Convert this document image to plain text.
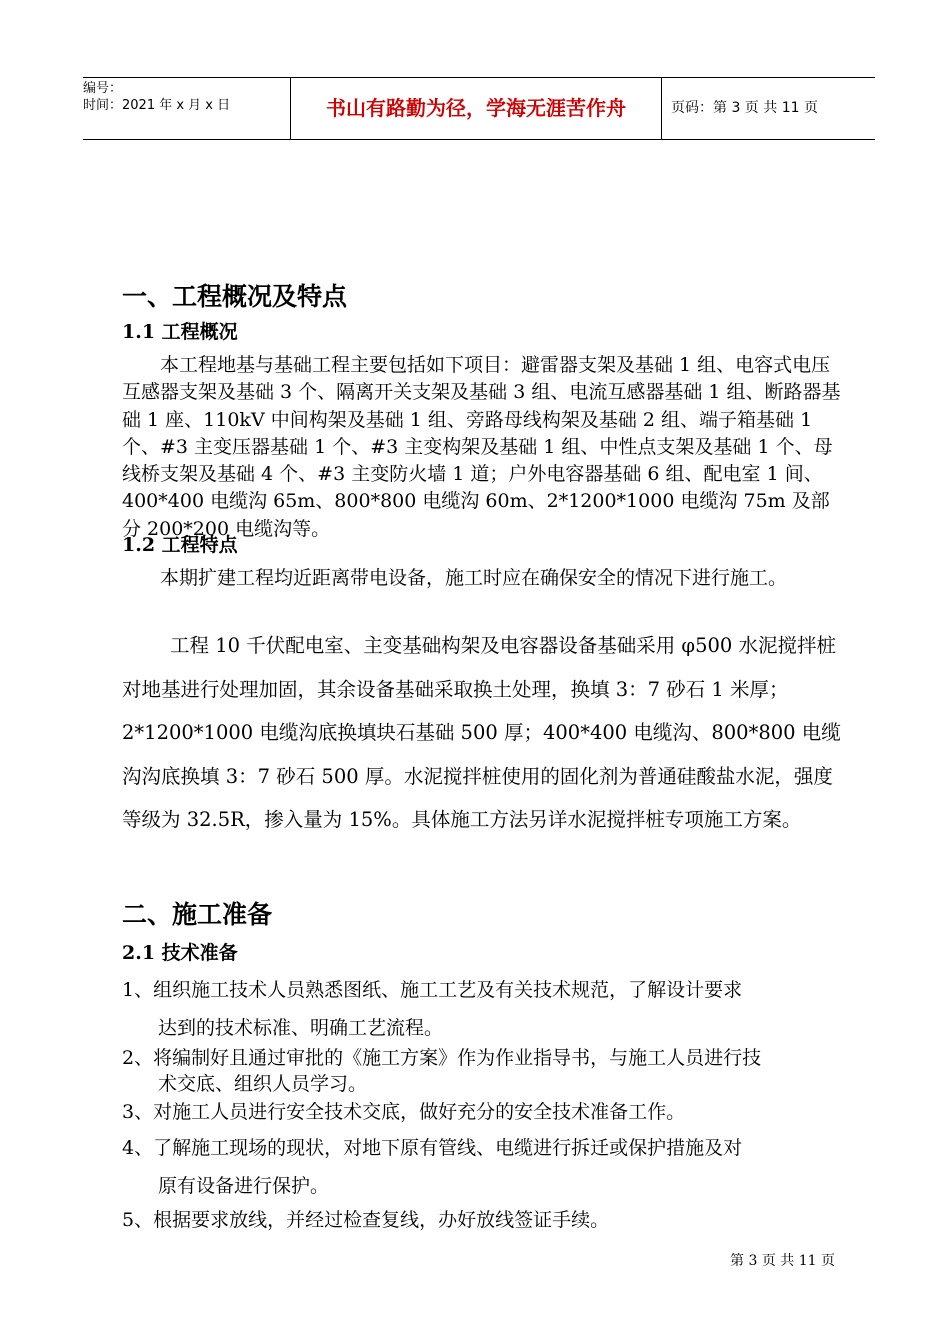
编号：
时间：2021 年 x 月 x 日	书山有路勤为径，学海无涯苦作舟	页码：第 3 页 共 11 页
一、工程概况及特点
1.1 工程概况
本工程地基与基础工程主要包括如下项目：避雷器支架及基础 1 组、电容式电压互感器支架及基础 3 个、隔离开关支架及基础 3 组、电流互感器基础 1 组、断路器基础 1 座、110kV 中间构架及基础 1 组、旁路母线构架及基础 2 组、端子箱基础 1 个、#3 主变压器基础 1 个、#3 主变构架及基础 1 组、中性点支架及基础 1 个、母线桥支架及基础 4 个、#3 主变防火墙 1 道；户外电容器基础 6 组、配电室 1 间、400*400 电缆沟 65m、800*800 电缆沟 60m、2*1200*1000 电缆沟 75m 及部分 200*200 电缆沟等。
1.2 工程特点
本期扩建工程均近距离带电设备，施工时应在确保安全的情况下进行施工。
工程 10 千伏配电室、主变基础构架及电容器设备基础采用 φ500 水泥搅拌桩对地基进行处理加固，其余设备基础采取换土处理，换填 3：7 砂石 1 米厚；2*1200*1000 电缆沟底换填块石基础 500 厚；400*400 电缆沟、800*800 电缆沟沟底换填 3：7 砂石 500 厚。水泥搅拌桩使用的固化剂为普通硅酸盐水泥，强度等级为 32.5R，掺入量为 15%。具体施工方法另详水泥搅拌桩专项施工方案。
二、施工准备
2.1 技术准备
1、组织施工技术人员熟悉图纸、施工工艺及有关技术规范，了解设计要求
达到的技术标准、明确工艺流程。
2、将编制好且通过审批的《施工方案》作为作业指导书，与施工人员进行技
术交底、组织人员学习。
3、对施工人员进行安全技术交底，做好充分的安全技术准备工作。
4、了解施工现场的现状，对地下原有管线、电缆进行拆迁或保护措施及对
原有设备进行保护。
5、根据要求放线，并经过检查复线，办好放线签证手续。
第 3 页 共 11 页
